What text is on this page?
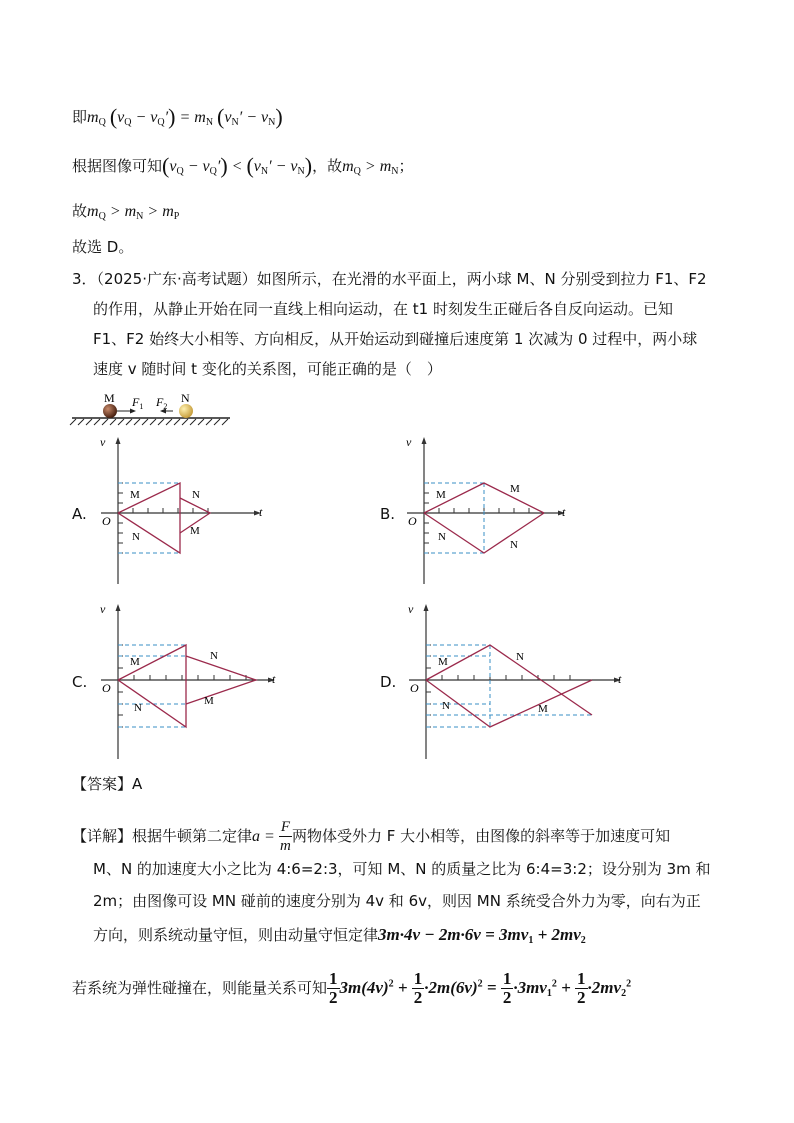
即$m_Q$ $(v_Q - v_Q') = m_N$ $(v_N' - v_N)$
根据图像可知$(v_Q - v_Q') < (v_N' - v_N)$，故$m_Q > m_N$；
故$m_Q > m_N > m_P$
故选 D。
3．（2025·广东·高考试题）如图所示，在光滑的水平面上，两小球 M、N 分别受到拉力 F1、F2
的作用，从静止开始在同一直线上相向运动，在 t1 时刻发生正碰后各自反向运动。已知
F1、F2 始终大小相等、方向相反，从开始运动到碰撞后速度第 1 次减为 0 过程中，两小球
速度 v 随时间 t 变化的关系图，可能正确的是（　）
M	N
$F_1$ $F_2$
A.
v
t
O
M
N
N
M
B.
v
t
O
M
N
M
N
C.
v
t
O
M
N
N
M
D.
v
t
O
M
N
N
M
【答案】A
【详解】根据牛顿第二定律$a = \frac{F}{m}$ 两物体受外力 F 大小相等，由图像的斜率等于加速度可知
M、N 的加速度大小之比为 4:6=2:3，可知 M、N 的质量之比为 6:4=3:2；设分别为 3m 和
2m；由图像可设 MN 碰前的速度分别为 4v 和 6v，则因 MN 系统受合外力为零，向右为正
方向，则系统动量守恒，则由动量守恒定律$3m\cdot 4v - 2m\cdot 6v = 3mv_1 + 2mv_2$
若系统为弹性碰撞在，则能量关系可知 $\frac{1}{2} 3m(4v)^2 + \frac{1}{2} \cdot 2m(6v)^2 = \frac{1}{2} \cdot 3mv_1^2 + \frac{1}{2} \cdot 2mv_2^2$
